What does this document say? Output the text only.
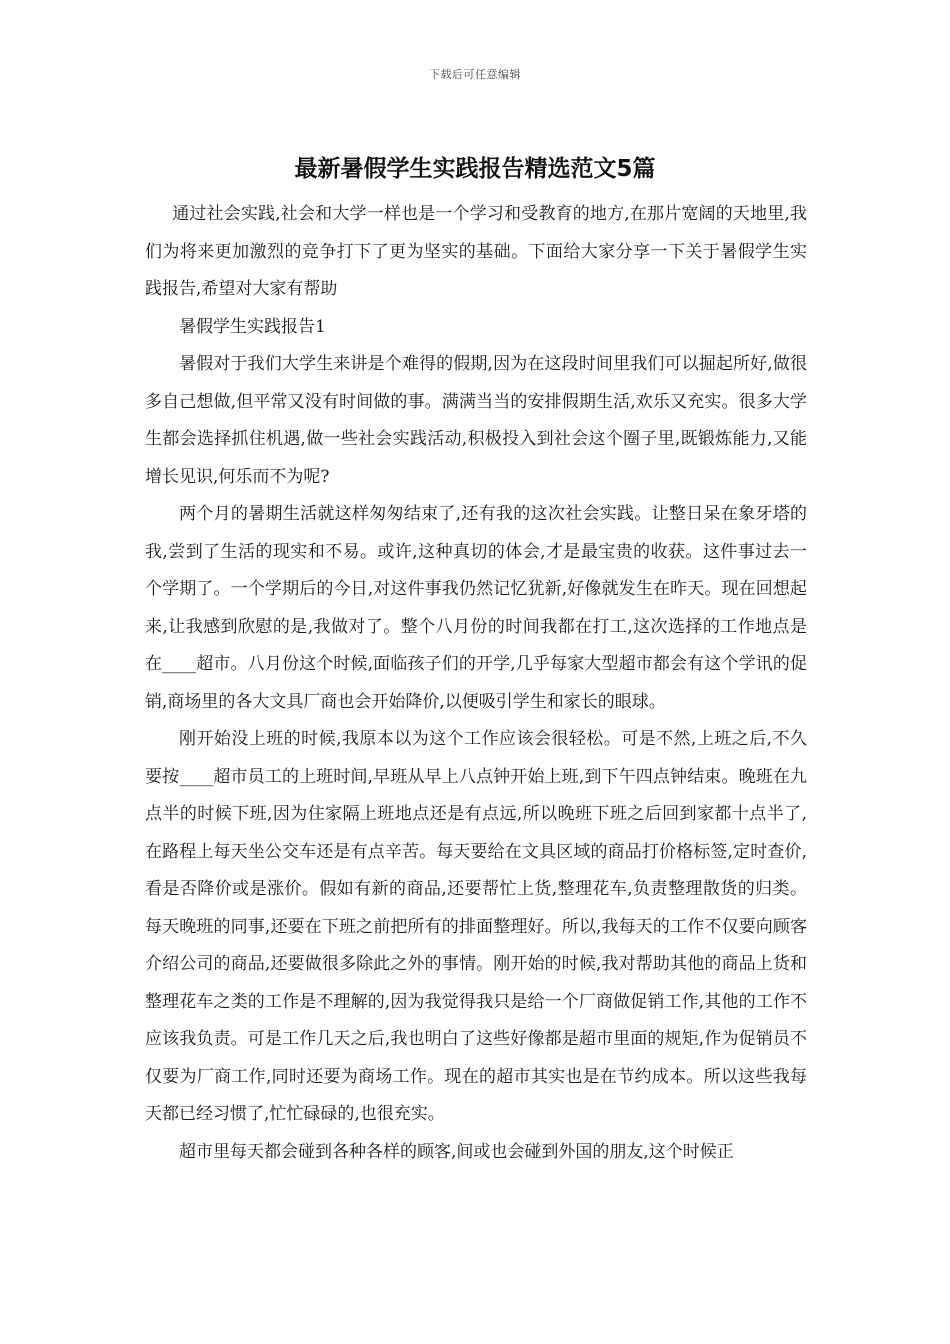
下载后可任意编辑
最新暑假学生实践报告精选范文5篇

通过社会实践,社会和大学一样也是一个学习和受教育的地方,在那片宽阔的天地里,我们为将来更加激烈的竞争打下了更为坚实的基础。下面给大家分享一下关于暑假学生实践报告,希望对大家有帮助

暑假学生实践报告1

暑假对于我们大学生来讲是个难得的假期,因为在这段时间里我们可以掘起所好,做很多自己想做,但平常又没有时间做的事。满满当当的安排假期生活,欢乐又充实。很多大学生都会选择抓住机遇,做一些社会实践活动,积极投入到社会这个圈子里,既锻炼能力,又能增长见识,何乐而不为呢?

两个月的暑期生活就这样匆匆结束了,还有我的这次社会实践。让整日呆在象牙塔的我,尝到了生活的现实和不易。或许,这种真切的体会,才是最宝贵的收获。这件事过去一个学期了。一个学期后的今日,对这件事我仍然记忆犹新,好像就发生在昨天。现在回想起来,让我感到欣慰的是,我做对了。整个八月份的时间我都在打工,这次选择的工作地点是在____超市。八月份这个时候,面临孩子们的开学,几乎每家大型超市都会有这个学讯的促销,商场里的各大文具厂商也会开始降价,以便吸引学生和家长的眼球。

刚开始没上班的时候,我原本以为这个工作应该会很轻松。可是不然,上班之后,不久要按____超市员工的上班时间,早班从早上八点钟开始上班,到下午四点钟结束。晚班在九点半的时候下班,因为住家隔上班地点还是有点远,所以晚班下班之后回到家都十点半了,在路程上每天坐公交车还是有点辛苦。每天要给在文具区域的商品打价格标签,定时查价,看是否降价或是涨价。假如有新的商品,还要帮忙上货,整理花车,负责整理散货的归类。每天晚班的同事,还要在下班之前把所有的排面整理好。所以,我每天的工作不仅要向顾客介绍公司的商品,还要做很多除此之外的事情。刚开始的时候,我对帮助其他的商品上货和整理花车之类的工作是不理解的,因为我觉得我只是给一个厂商做促销工作,其他的工作不应该我负责。可是工作几天之后,我也明白了这些好像都是超市里面的规矩,作为促销员不仅要为厂商工作,同时还要为商场工作。现在的超市其实也是在节约成本。所以这些我每天都已经习惯了,忙忙碌碌的,也很充实。

超市里每天都会碰到各种各样的顾客,间或也会碰到外国的朋友,这个时候正
